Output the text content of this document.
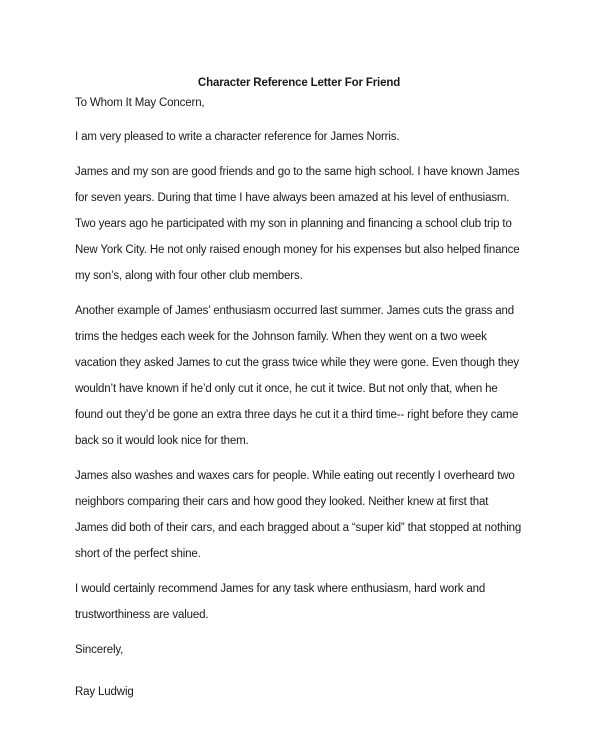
Character Reference Letter For Friend
To Whom It May Concern,

I am very pleased to write a character reference for James Norris.

James and my son are good friends and go to the same high school. I have known James for seven years. During that time I have always been amazed at his level of enthusiasm. Two years ago he participated with my son in planning and financing a school club trip to New York City. He not only raised enough money for his expenses but also helped finance my son’s, along with four other club members.

Another example of James’ enthusiasm occurred last summer. James cuts the grass and trims the hedges each week for the Johnson family. When they went on a two week vacation they asked James to cut the grass twice while they were gone. Even though they wouldn’t have known if he’d only cut it once, he cut it twice. But not only that, when he found out they’d be gone an extra three days he cut it a third time-- right before they came back so it would look nice for them.

James also washes and waxes cars for people. While eating out recently I overheard two neighbors comparing their cars and how good they looked. Neither knew at first that James did both of their cars, and each bragged about a “super kid” that stopped at nothing short of the perfect shine.

I would certainly recommend James for any task where enthusiasm, hard work and trustworthiness are valued.

Sincerely,
Ray Ludwig
